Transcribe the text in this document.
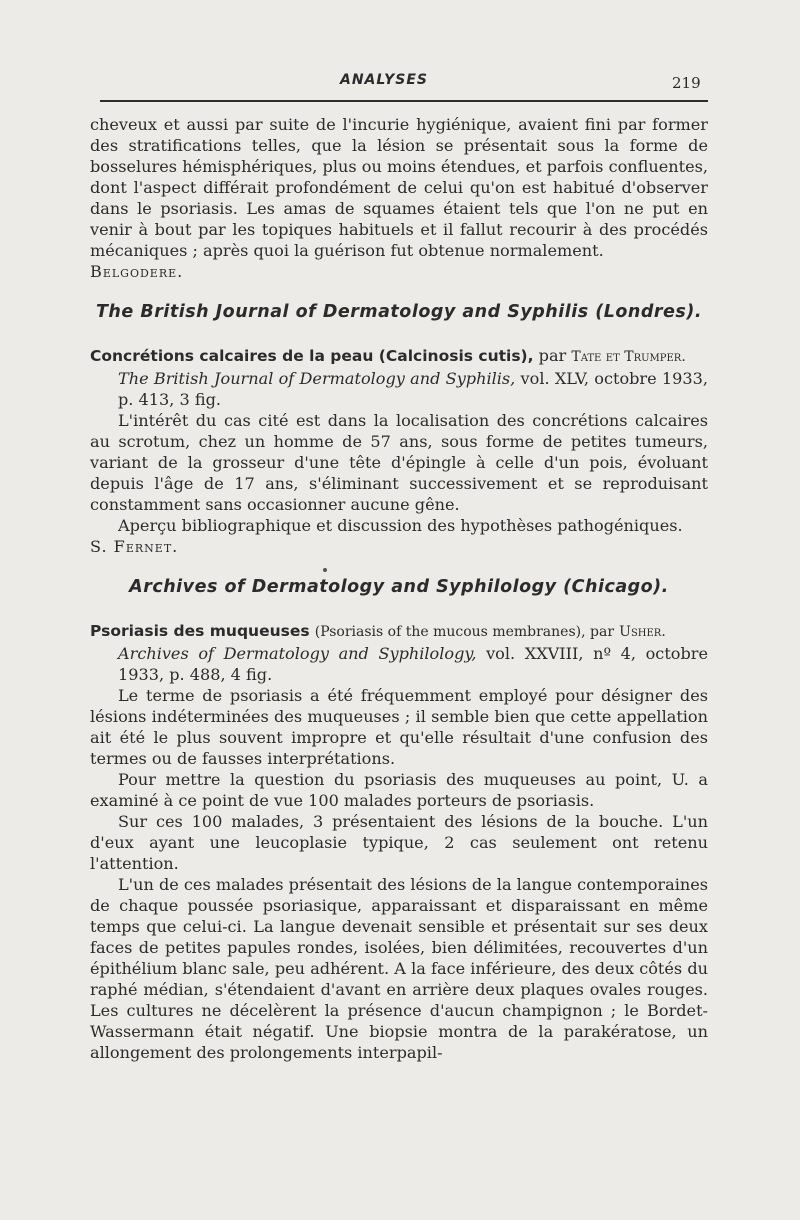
ANALYSES	219

cheveux et aussi par suite de l'incurie hygiénique, avaient fini par former des stratifications telles, que la lésion se présentait sous la forme de bosselures hémisphériques, plus ou moins étendues, et parfois confluentes, dont l'aspect différait profondément de celui qu'on est habitué d'observer dans le psoriasis. Les amas de squames étaient tels que l'on ne put en venir à bout par les topiques habituels et il fallut recourir à des procédés mécaniques ; après quoi la guérison fut obtenue normalement.

Belgodere.

The British Journal of Dermatology and Syphilis (Londres).

Concrétions calcaires de la peau (Calcinosis cutis), par Tate et Trumper.

The British Journal of Dermatology and Syphilis, vol. XLV, octobre 1933, p. 413, 3 fig.

L'intérêt du cas cité est dans la localisation des concrétions calcaires au scrotum, chez un homme de 57 ans, sous forme de petites tumeurs, variant de la grosseur d'une tête d'épingle à celle d'un pois, évoluant depuis l'âge de 17 ans, s'éliminant successivement et se reproduisant constamment sans occasionner aucune gêne.

Aperçu bibliographique et discussion des hypothèses pathogéniques.

S. Fernet.

Archives of Dermatology and Syphilology (Chicago).

Psoriasis des muqueuses (Psoriasis of the mucous membranes), par Usher.

Archives of Dermatology and Syphilology, vol. XXVIII, nº 4, octobre 1933, p. 488, 4 fig.

Le terme de psoriasis a été fréquemment employé pour désigner des lésions indéterminées des muqueuses ; il semble bien que cette appellation ait été le plus souvent impropre et qu'elle résultait d'une confusion des termes ou de fausses interprétations.

Pour mettre la question du psoriasis des muqueuses au point, U. a examiné à ce point de vue 100 malades porteurs de psoriasis.

Sur ces 100 malades, 3 présentaient des lésions de la bouche. L'un d'eux ayant une leucoplasie typique, 2 cas seulement ont retenu l'attention.

L'un de ces malades présentait des lésions de la langue contemporaines de chaque poussée psoriasique, apparaissant et disparaissant en même temps que celui-ci. La langue devenait sensible et présentait sur ses deux faces de petites papules rondes, isolées, bien délimitées, recouvertes d'un épithélium blanc sale, peu adhérent. A la face inférieure, des deux côtés du raphé médian, s'étendaient d'avant en arrière deux plaques ovales rouges. Les cultures ne décelèrent la présence d'aucun champignon ; le Bordet-Wassermann était négatif. Une biopsie montra de la parakératose, un allongement des prolongements interpapil-
